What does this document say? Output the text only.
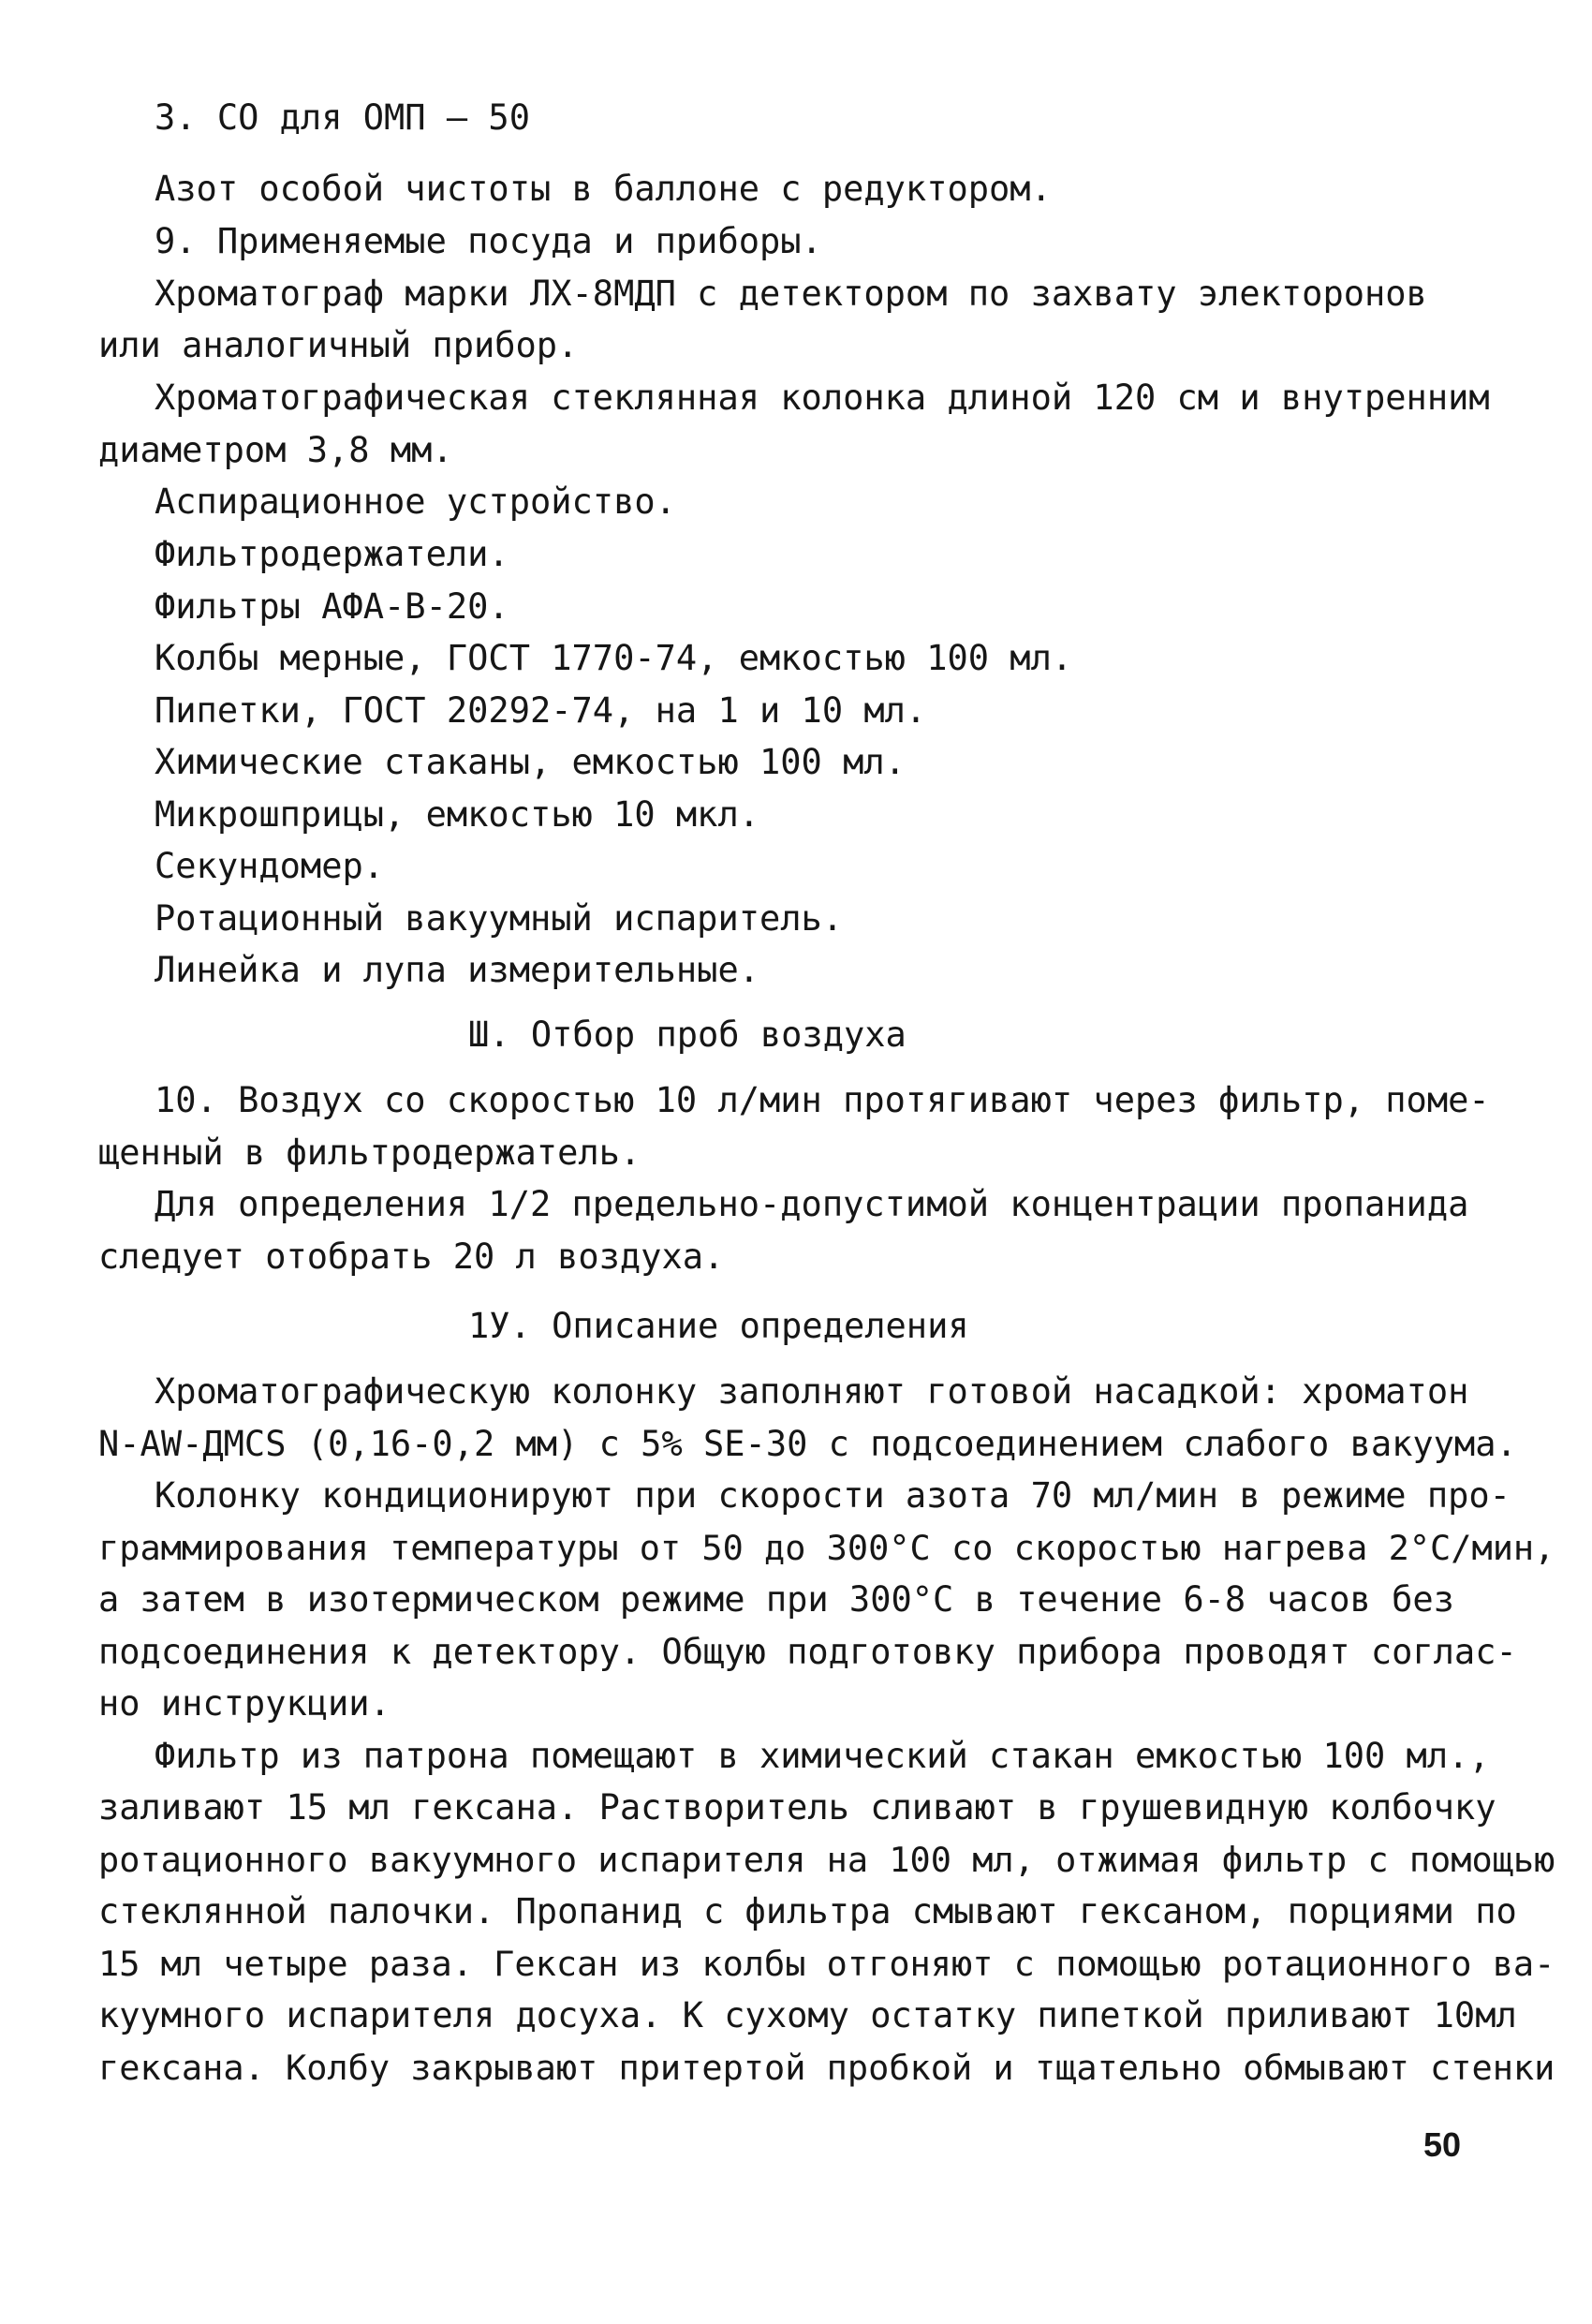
3. СО для ОМП – 50
Азот особой чистоты в баллоне с редуктором.
9. Применяемые посуда и приборы.
Хроматограф марки ЛХ-8МДП с детектором по захвату электоронов
или аналогичный прибор.
Хроматографическая стеклянная колонка длиной 120 см и внутренним
диаметром 3,8 мм.
Аспирационное устройство.
Фильтродержатели.
Фильтры АФА-В-20.
Колбы мерные, ГОСТ 1770-74, емкостью 100 мл.
Пипетки, ГОСТ 20292-74, на 1 и 10 мл.
Химические стаканы, емкостью 100 мл.
Микрошприцы, емкостью 10 мкл.
Секундомер.
Ротационный вакуумный испаритель.
Линейка и лупа измерительные.
Ш. Отбор проб воздуха
10. Воздух со скоростью 10 л/мин протягивают через фильтр, поме-
щенный в фильтродержатель.
Для определения 1/2 предельно-допустимой концентрации пропанида
следует отобрать 20 л воздуха.
1У. Описание определения
Хроматографическую колонку заполняют готовой насадкой: хроматон
N-AW-ДМСS (0,16-0,2 мм) с 5% SE-30 с подсоединением слабого вакуума.
Колонку кондиционируют при скорости азота 70 мл/мин в режиме про-
граммирования температуры от 50 до 300°С со скоростью нагрева 2°С/мин,
а затем в изотермическом режиме при 300°С в течение 6-8 часов без
подсоединения к детектору. Общую подготовку прибора проводят соглас-
но инструкции.
Фильтр из патрона помещают в химический стакан емкостью 100 мл.,
заливают 15 мл гексана. Растворитель сливают в грушевидную колбочку
ротационного вакуумного испарителя на 100 мл, отжимая фильтр с помощью
стеклянной палочки. Пропанид с фильтра смывают гексаном, порциями по
15 мл четыре раза. Гексан из колбы отгоняют с помощью ротационного ва-
куумного испарителя досуха. К сухому остатку пипеткой приливают 10мл
гексана. Колбу закрывают притертой пробкой и тщательно обмывают стенки
50
